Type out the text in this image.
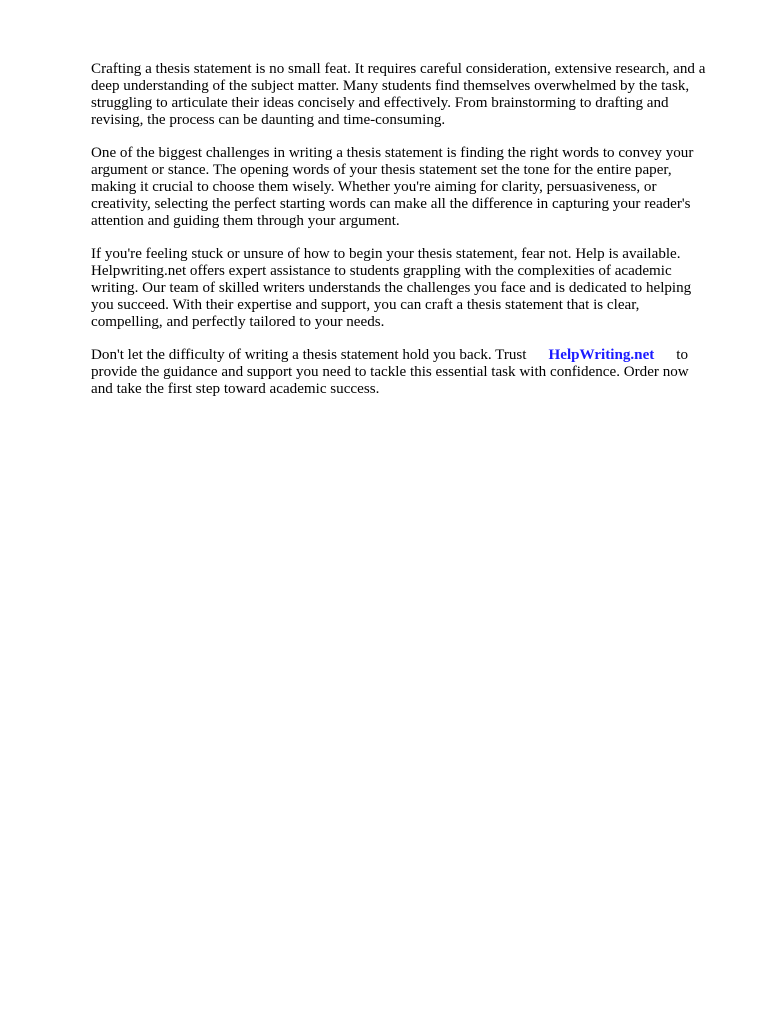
Crafting a thesis statement is no small feat. It requires careful consideration, extensive research, and a
deep understanding of the subject matter. Many students find themselves overwhelmed by the task,
struggling to articulate their ideas concisely and effectively. From brainstorming to drafting and
revising, the process can be daunting and time-consuming.

One of the biggest challenges in writing a thesis statement is finding the right words to convey your
argument or stance. The opening words of your thesis statement set the tone for the entire paper,
making it crucial to choose them wisely. Whether you're aiming for clarity, persuasiveness, or
creativity, selecting the perfect starting words can make all the difference in capturing your reader's
attention and guiding them through your argument.

If you're feeling stuck or unsure of how to begin your thesis statement, fear not. Help is available.
Helpwriting.net offers expert assistance to students grappling with the complexities of academic
writing. Our team of skilled writers understands the challenges you face and is dedicated to helping
you succeed. With their expertise and support, you can craft a thesis statement that is clear,
compelling, and perfectly tailored to your needs.

Don't let the difficulty of writing a thesis statement hold you back. Trust HelpWriting.net to
provide the guidance and support you need to tackle this essential task with confidence. Order now
and take the first step toward academic success.
